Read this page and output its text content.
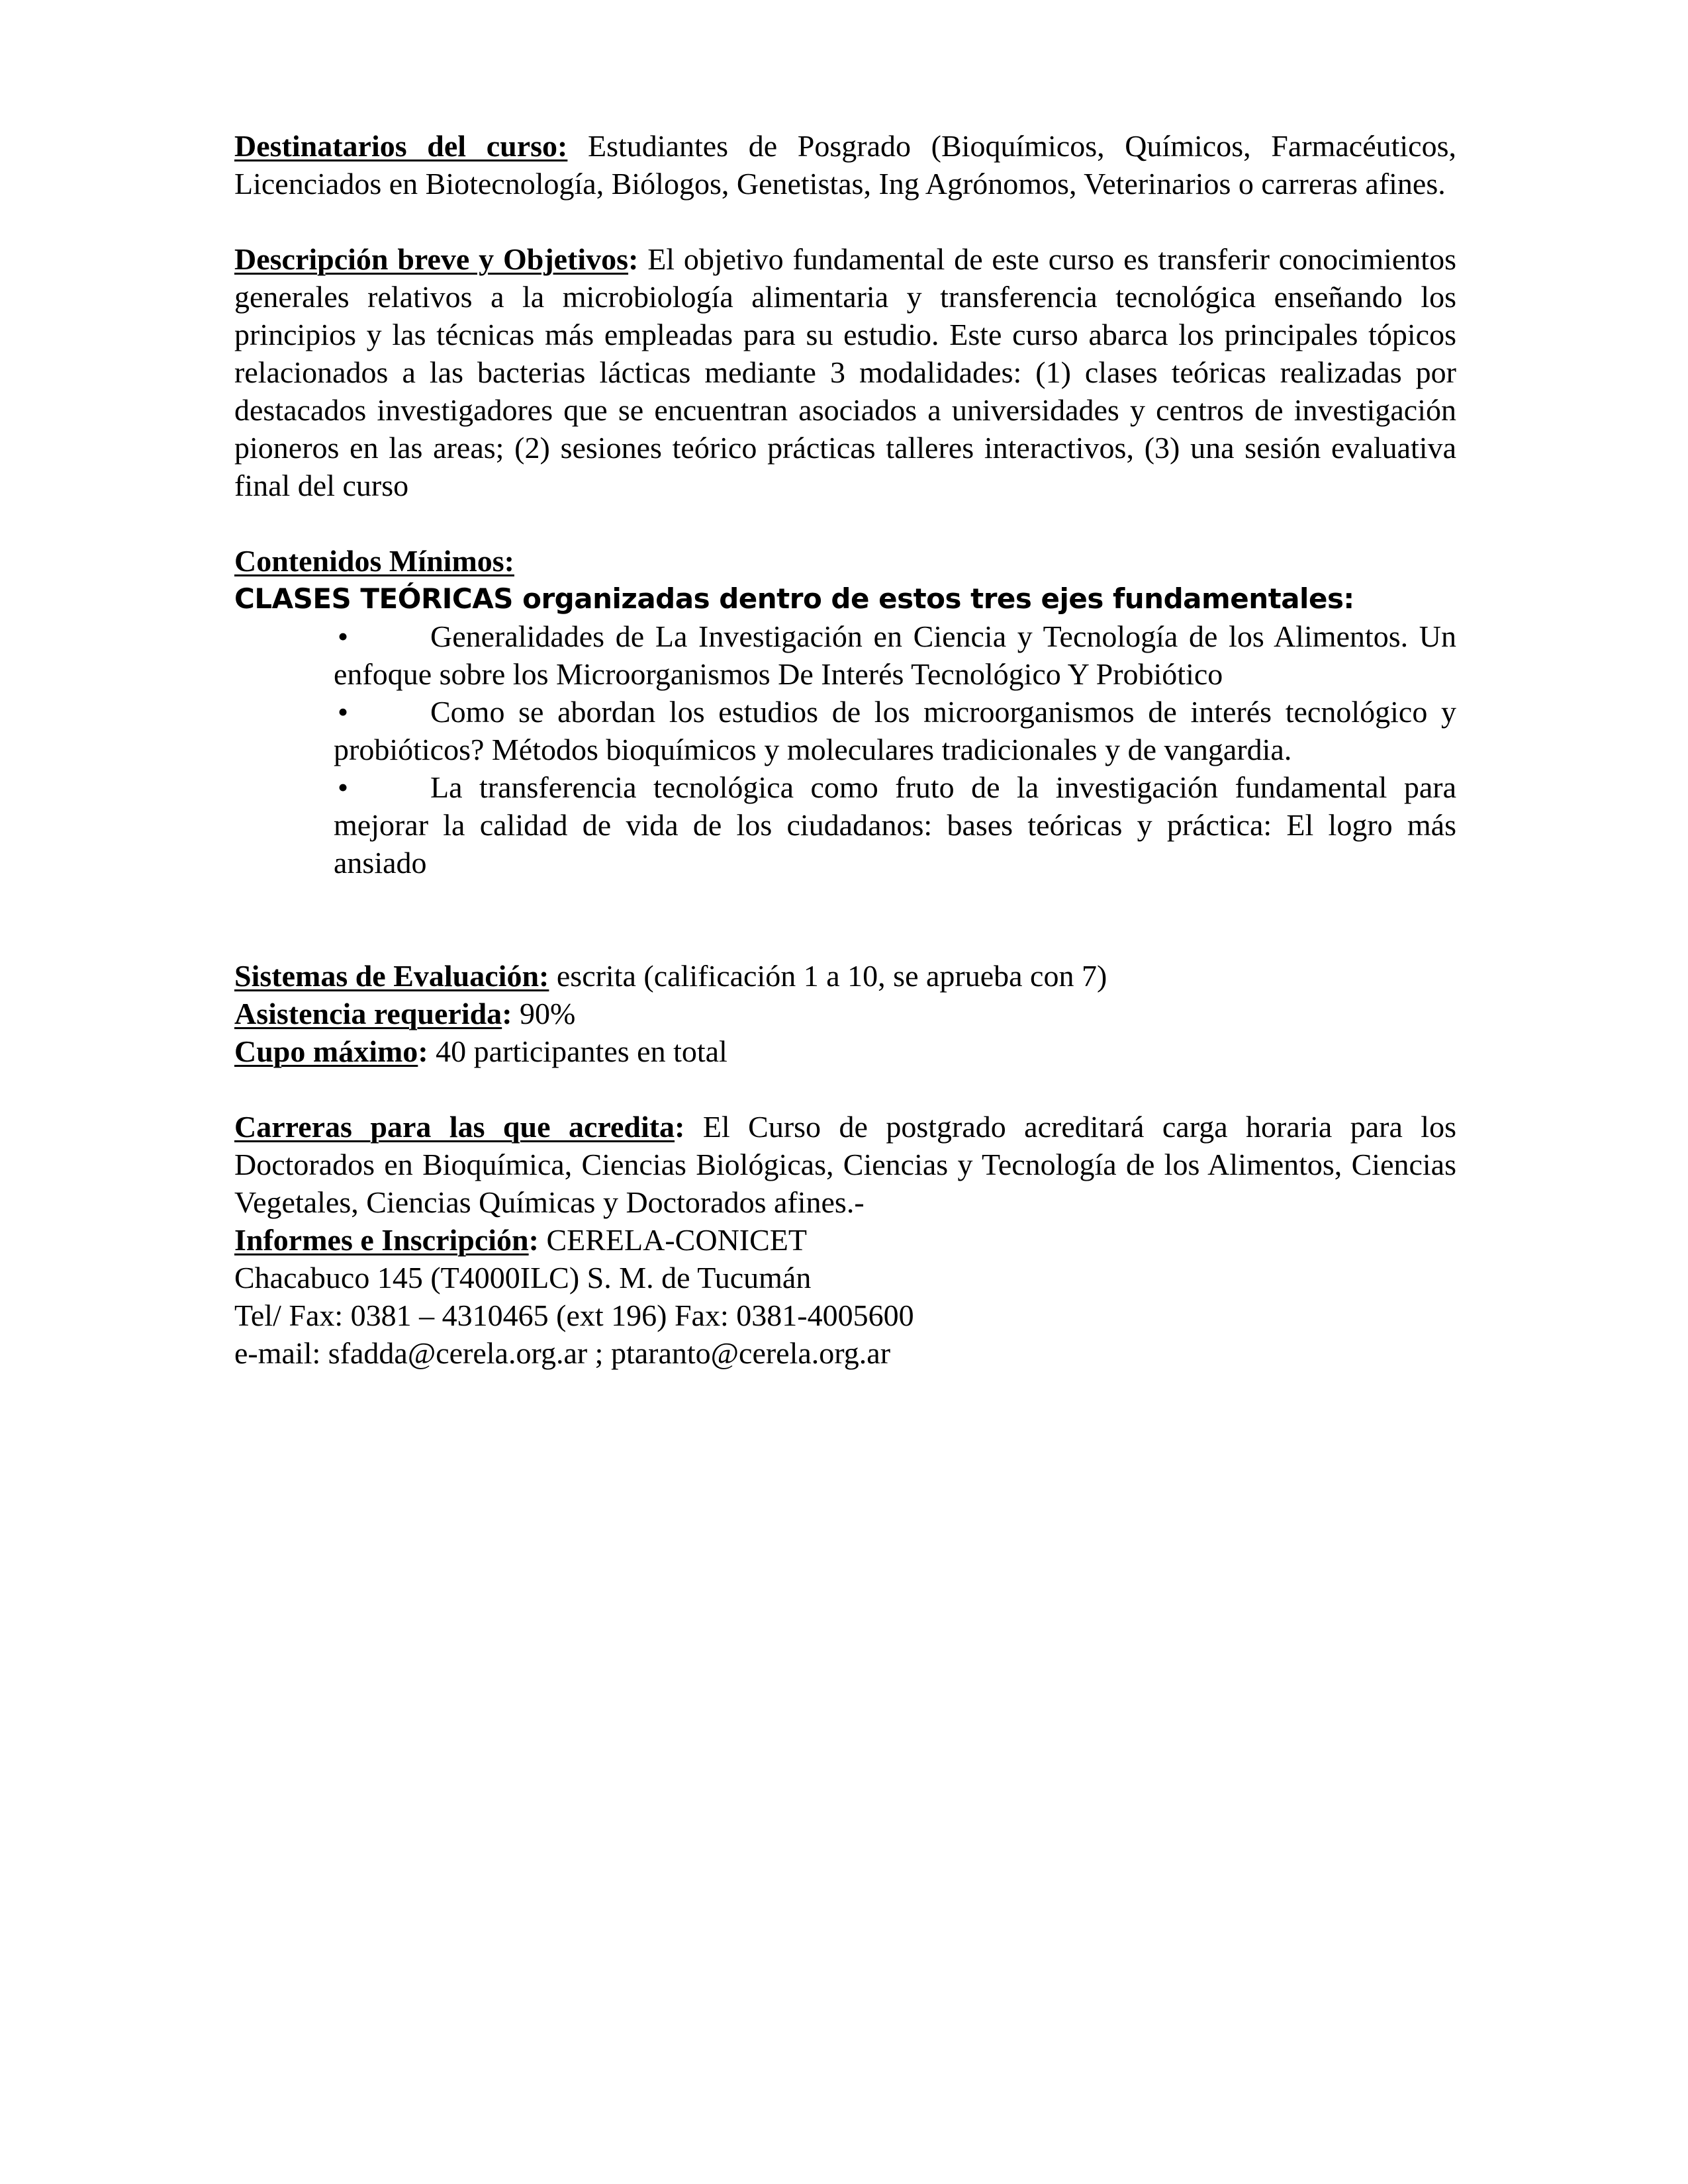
Destinatarios del curso: Estudiantes de Posgrado (Bioquímicos, Químicos, Farmacéuticos, Licenciados en Biotecnología, Biólogos, Genetistas, Ing Agrónomos, Veterinarios o carreras afines.

Descripción breve y Objetivos: El objetivo fundamental de este curso es transferir conocimientos generales relativos a la microbiología alimentaria y transferencia tecnológica enseñando los principios y las técnicas más empleadas para su estudio. Este curso abarca los principales tópicos relacionados a las bacterias lácticas mediante 3 modalidades: (1) clases teóricas realizadas por destacados investigadores que se encuentran asociados a universidades y centros de investigación pioneros en las areas; (2) sesiones teórico prácticas talleres interactivos, (3) una sesión evaluativa final del curso

Contenidos Mínimos:

CLASES TEÓRICAS organizadas dentro de estos tres ejes fundamentales:

•	Generalidades de La Investigación en Ciencia y Tecnología de los Alimentos. Un enfoque sobre los Microorganismos De Interés Tecnológico Y Probiótico
•	Como se abordan los estudios de los microorganismos de interés tecnológico y probióticos? Métodos bioquímicos y moleculares tradicionales y de vangardia.
•	La transferencia tecnológica como fruto de la investigación fundamental para mejorar la calidad de vida de los ciudadanos: bases teóricas y práctica: El logro más ansiado

Sistemas de Evaluación: escrita (calificación 1 a 10, se aprueba con 7)

Asistencia requerida: 90%

Cupo máximo: 40 participantes en total

Carreras para las que acredita: El Curso de postgrado acreditará carga horaria para los Doctorados en Bioquímica, Ciencias Biológicas, Ciencias y Tecnología de los Alimentos, Ciencias Vegetales, Ciencias Químicas y Doctorados afines.-

Informes e Inscripción: CERELA-CONICET

Chacabuco 145 (T4000ILC) S. M. de Tucumán

Tel/ Fax: 0381 – 4310465 (ext 196) Fax: 0381-4005600

e-mail: sfadda@cerela.org.ar ; ptaranto@cerela.org.ar
